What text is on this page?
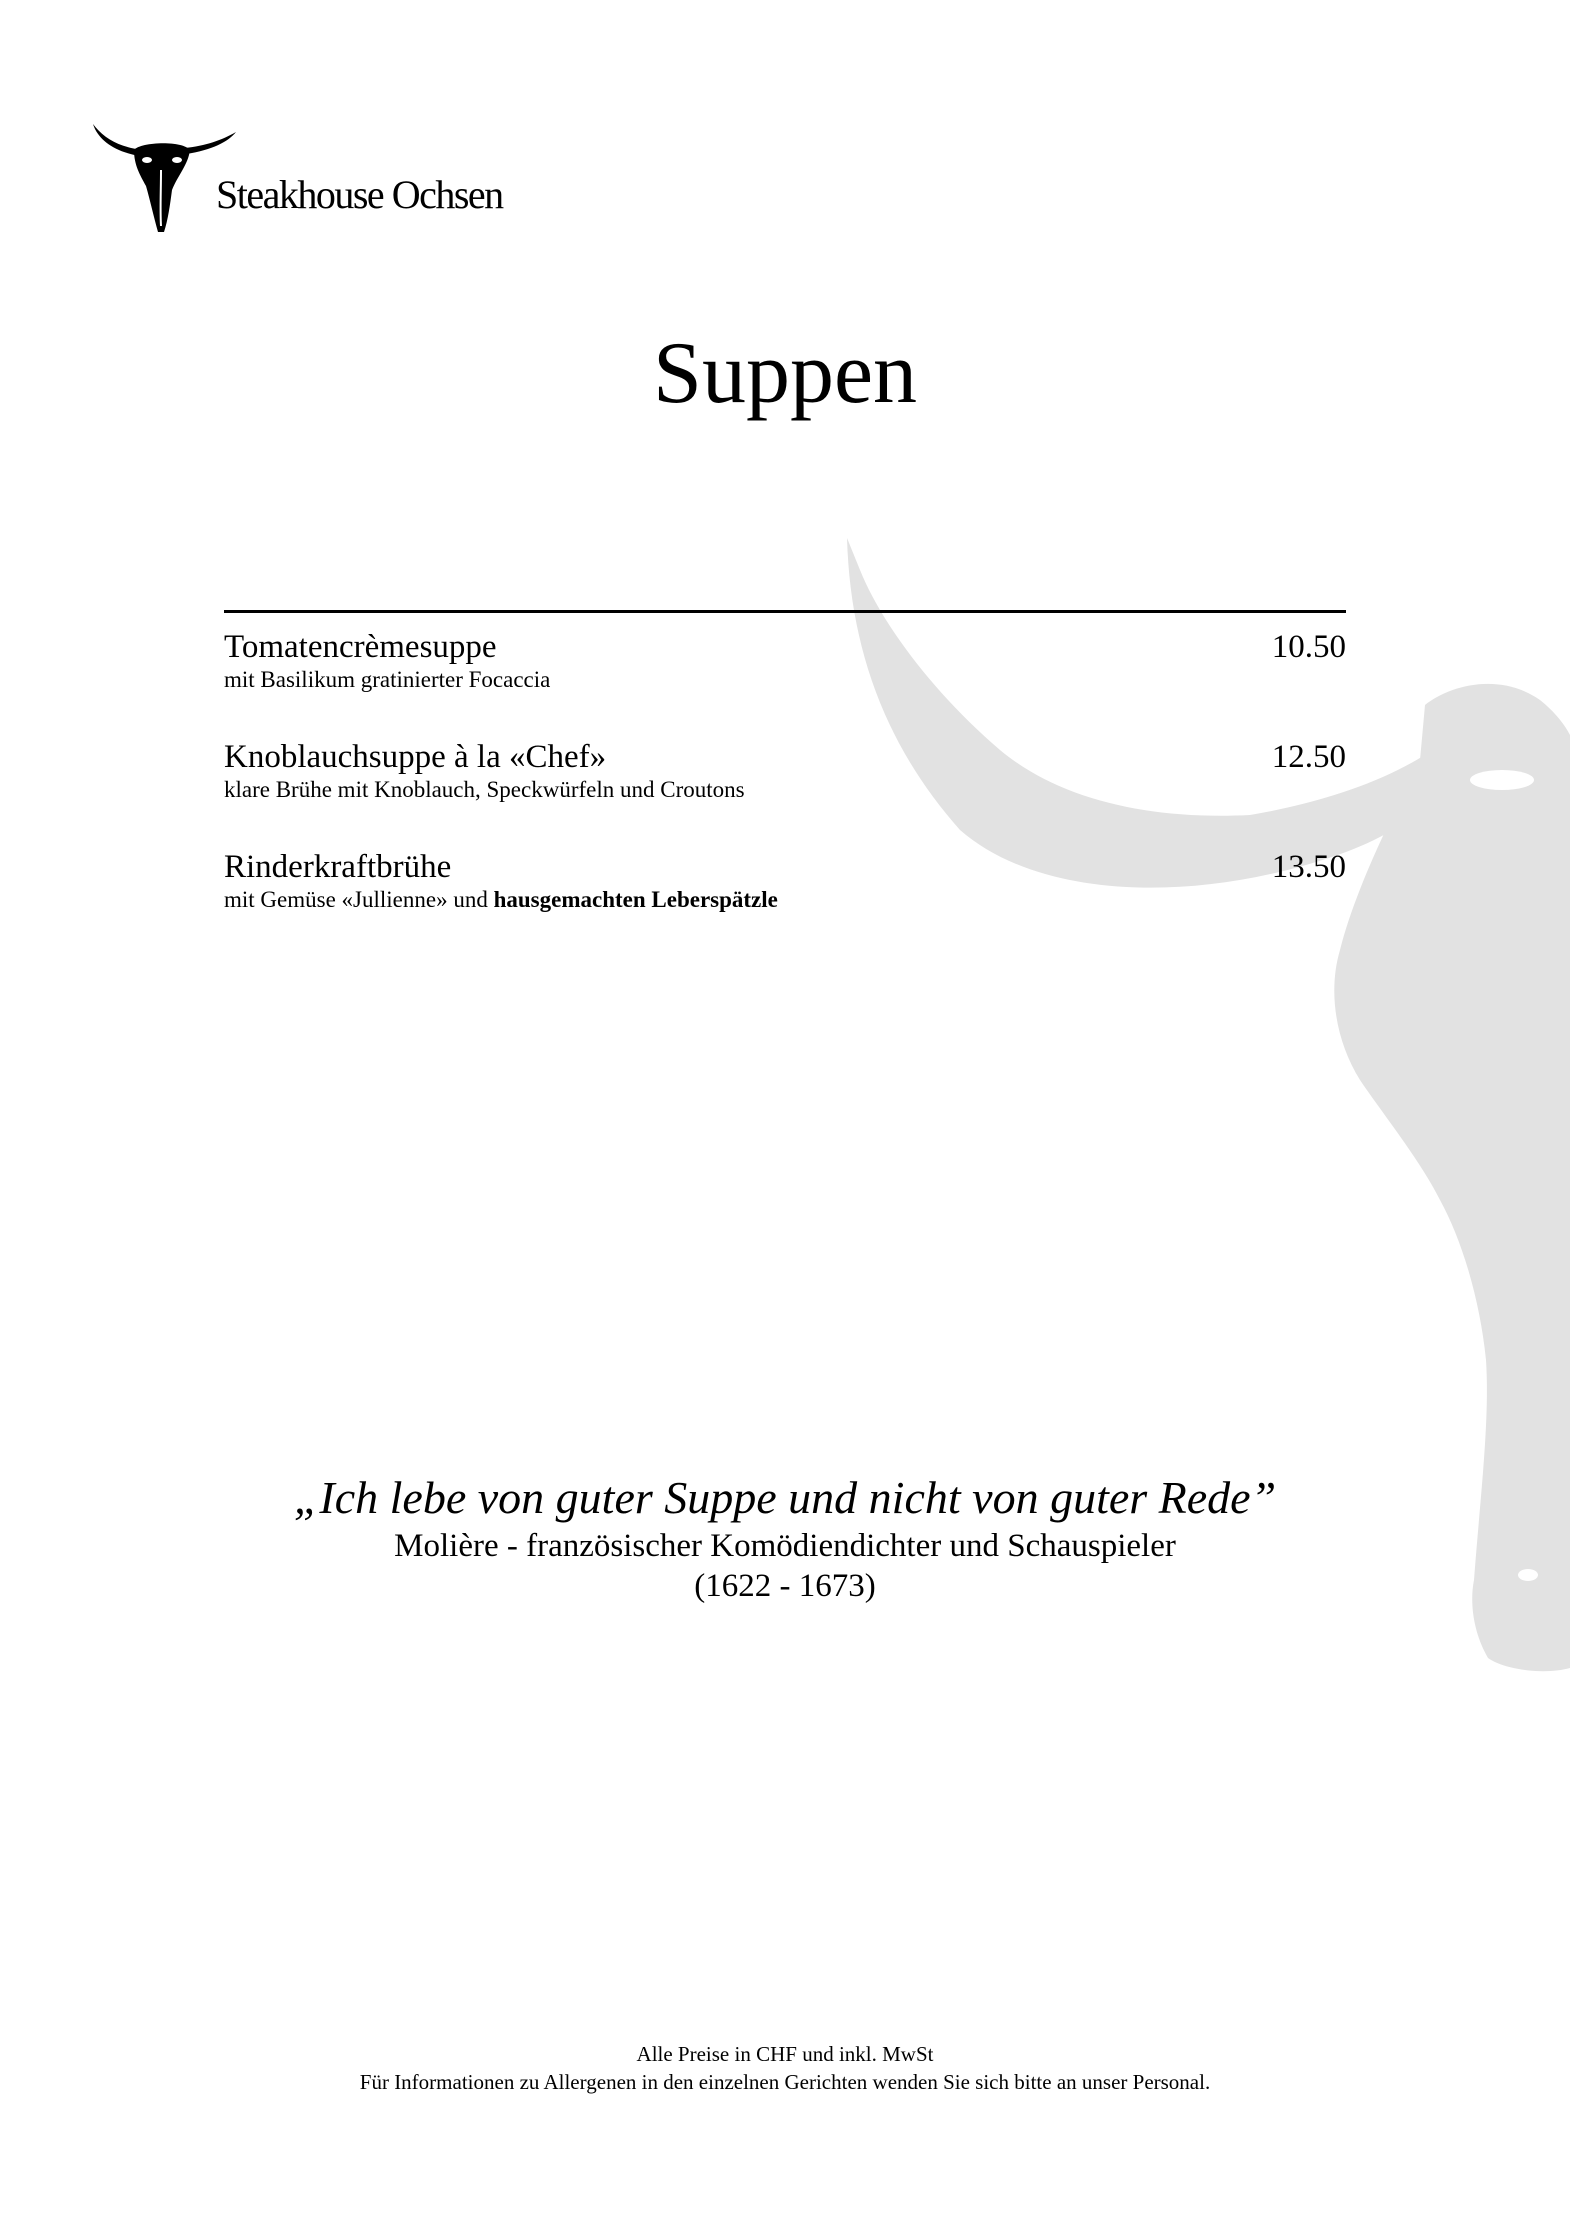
Steakhouse Ochsen
Suppen
Tomatencrèmesuppe	10.50
mit Basilikum gratinierter Focaccia
Knoblauchsuppe à la «Chef»	12.50
klare Brühe mit Knoblauch, Speckwürfeln und Croutons
Rinderkraftbrühe	13.50
mit Gemüse «Jullienne» und hausgemachten Leberspätzle
„Ich lebe von guter Suppe und nicht von guter Rede”
Molière - französischer Komödiendichter und Schauspieler
(1622 - 1673)
Alle Preise in CHF und inkl. MwSt
Für Informationen zu Allergenen in den einzelnen Gerichten wenden Sie sich bitte an unser Personal.
